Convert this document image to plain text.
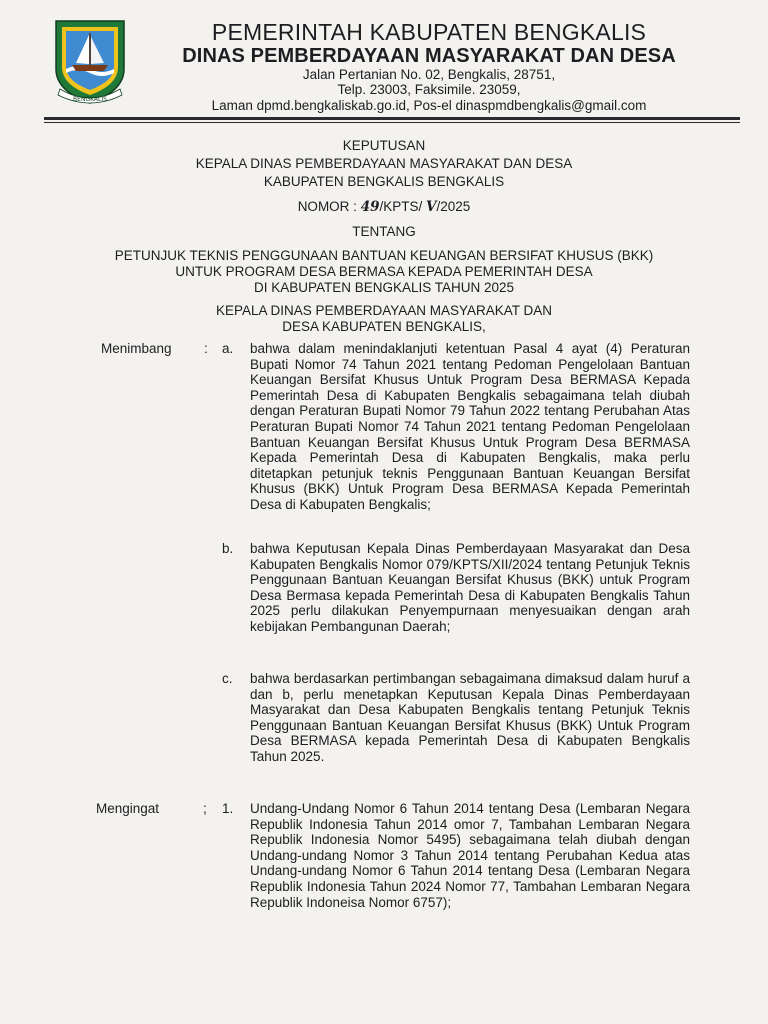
BENGKALIS
PEMERINTAH KABUPATEN BENGKALIS
DINAS PEMBERDAYAAN MASYARAKAT DAN DESA
Jalan Pertanian No. 02, Bengkalis, 28751,
Telp. 23003, Faksimile. 23059,
Laman dpmd.bengkaliskab.go.id, Pos-el dinaspmdbengkalis@gmail.com
KEPUTUSAN
KEPALA DINAS PEMBERDAYAAN MASYARAKAT DAN DESA
KABUPATEN BENGKALIS BENGKALIS
NOMOR : 49/KPTS/ V/2025
TENTANG
PETUNJUK TEKNIS PENGGUNAAN BANTUAN KEUANGAN BERSIFAT KHUSUS (BKK)
UNTUK PROGRAM DESA BERMASA KEPADA PEMERINTAH DESA
DI KABUPATEN BENGKALIS TAHUN 2025
KEPALA DINAS PEMBERDAYAAN MASYARAKAT DAN
DESA KABUPATEN BENGKALIS,
Menimbang : a. bahwa dalam menindaklanjuti ketentuan Pasal 4 ayat (4) Peraturan Bupati Nomor 74 Tahun 2021 tentang Pedoman Pengelolaan Bantuan Keuangan Bersifat Khusus Untuk Program Desa BERMASA Kepada Pemerintah Desa di Kabupaten Bengkalis sebagaimana telah diubah dengan Peraturan Bupati Nomor 79 Tahun 2022 tentang Perubahan Atas Peraturan Bupati Nomor 74 Tahun 2021 tentang Pedoman Pengelolaan Bantuan Keuangan Bersifat Khusus Untuk Program Desa BERMASA Kepada Pemerintah Desa di Kabupaten Bengkalis, maka perlu ditetapkan petunjuk teknis Penggunaan Bantuan Keuangan Bersifat Khusus (BKK) Untuk Program Desa BERMASA Kepada Pemerintah Desa di Kabupaten Bengkalis;
b. bahwa Keputusan Kepala Dinas Pemberdayaan Masyarakat dan Desa Kabupaten Bengkalis Nomor 079/KPTS/XII/2024 tentang Petunjuk Teknis Penggunaan Bantuan Keuangan Bersifat Khusus (BKK) untuk Program Desa Bermasa kepada Pemerintah Desa di Kabupaten Bengkalis Tahun 2025 perlu dilakukan Penyempurnaan menyesuaikan dengan arah kebijakan Pembangunan Daerah;
c. bahwa berdasarkan pertimbangan sebagaimana dimaksud dalam huruf a dan b, perlu menetapkan Keputusan Kepala Dinas Pemberdayaan Masyarakat dan Desa Kabupaten Bengkalis tentang Petunjuk Teknis Penggunaan Bantuan Keuangan Bersifat Khusus (BKK) Untuk Program Desa BERMASA kepada Pemerintah Desa di Kabupaten Bengkalis Tahun 2025.
Mengingat	; 1. Undang-Undang Nomor 6 Tahun 2014 tentang Desa (Lembaran Negara Republik Indonesia Tahun 2014 omor 7, Tambahan Lembaran Negara Republik Indonesia Nomor 5495) sebagaimana telah diubah dengan Undang-undang Nomor 3 Tahun 2014 tentang Perubahan Kedua atas Undang-undang Nomor 6 Tahun 2014 tentang Desa (Lembaran Negara Republik Indonesia Tahun 2024 Nomor 77, Tambahan Lembaran Negara Republik Indoneisa Nomor 6757);
